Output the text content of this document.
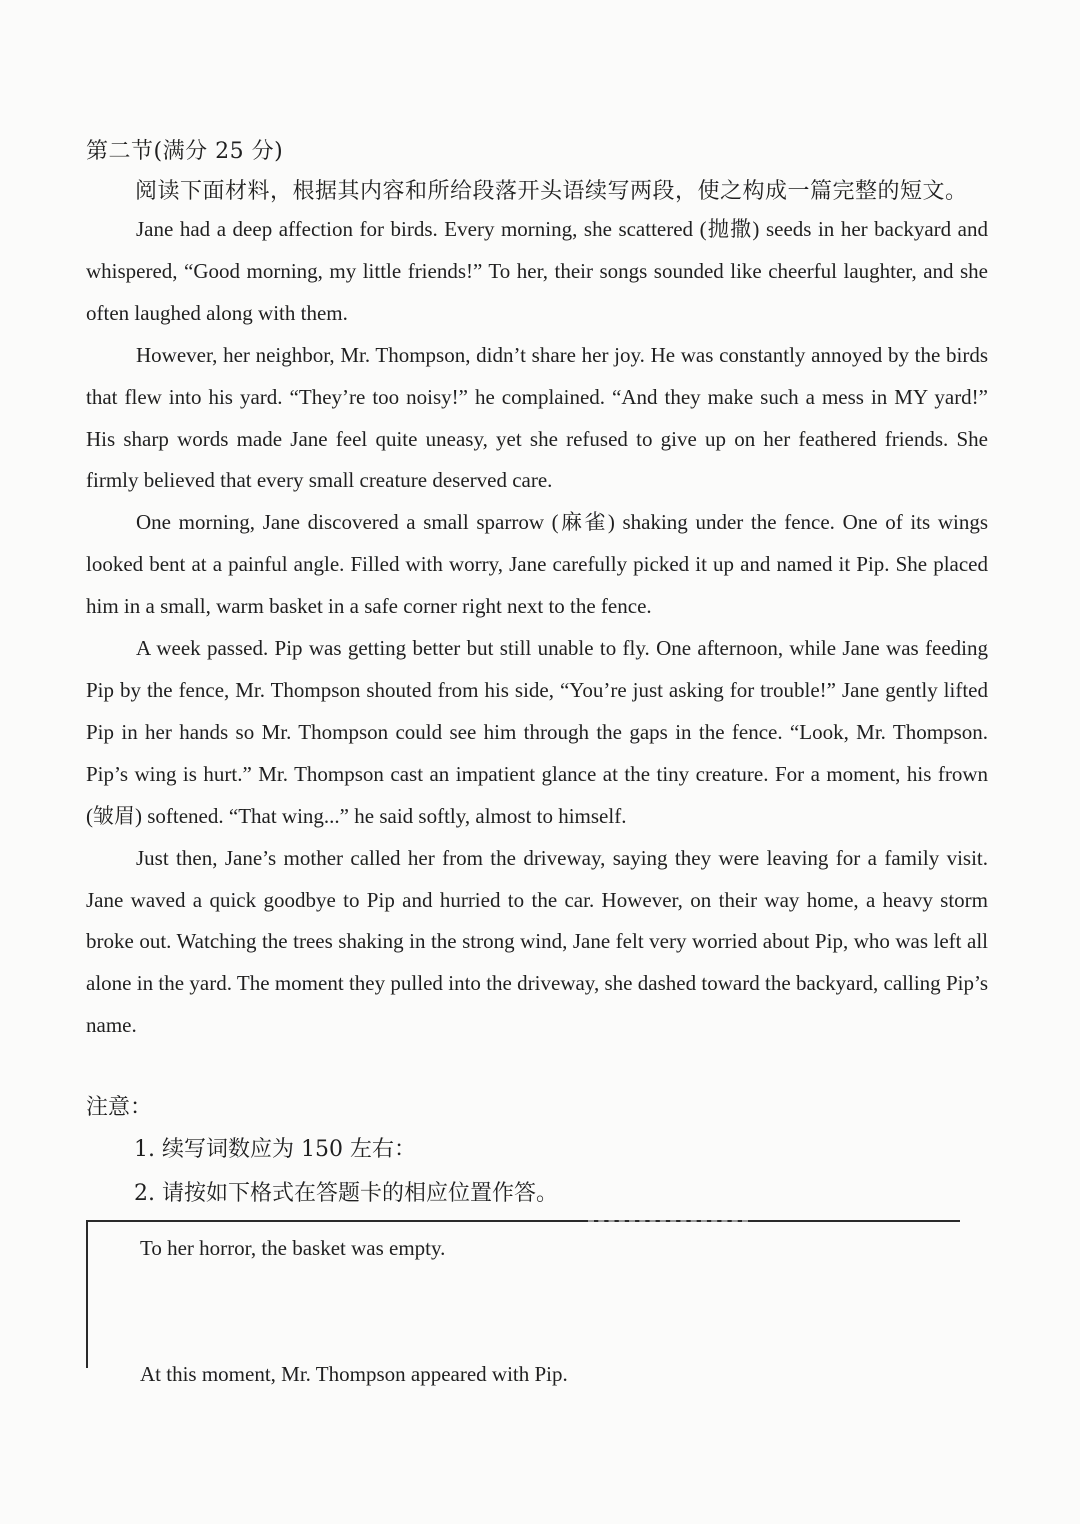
第二节(满分 25 分)
阅读下面材料，根据其内容和所给段落开头语续写两段，使之构成一篇完整的短文。

Jane had a deep affection for birds. Every morning, she scattered (抛撒) seeds in her backyard and whispered, “Good morning, my little friends!” To her, their songs sounded like cheerful laughter, and she often laughed along with them.

However, her neighbor, Mr. Thompson, didn’t share her joy. He was constantly annoyed by the birds that flew into his yard. “They’re too noisy!” he complained. “And they make such a mess in MY yard!” His sharp words made Jane feel quite uneasy, yet she refused to give up on her feathered friends. She firmly believed that every small creature deserved care.

One morning, Jane discovered a small sparrow (麻雀) shaking under the fence. One of its wings looked bent at a painful angle. Filled with worry, Jane carefully picked it up and named it Pip. She placed him in a small, warm basket in a safe corner right next to the fence.

A week passed. Pip was getting better but still unable to fly. One afternoon, while Jane was feeding Pip by the fence, Mr. Thompson shouted from his side, “You’re just asking for trouble!” Jane gently lifted Pip in her hands so Mr. Thompson could see him through the gaps in the fence. “Look, Mr. Thompson. Pip’s wing is hurt.” Mr. Thompson cast an impatient glance at the tiny creature. For a moment, his frown (皱眉) softened. “That wing...” he said softly, almost to himself.

Just then, Jane’s mother called her from the driveway, saying they were leaving for a family visit. Jane waved a quick goodbye to Pip and hurried to the car. However, on their way home, a heavy storm broke out. Watching the trees shaking in the strong wind, Jane felt very worried about Pip, who was left all alone in the yard. The moment they pulled into the driveway, she dashed toward the backyard, calling Pip’s name.

注意：
1. 续写词数应为 150 左右：
2. 请按如下格式在答题卡的相应位置作答。
To her horror, the basket was empty.
At this moment, Mr. Thompson appeared with Pip.
